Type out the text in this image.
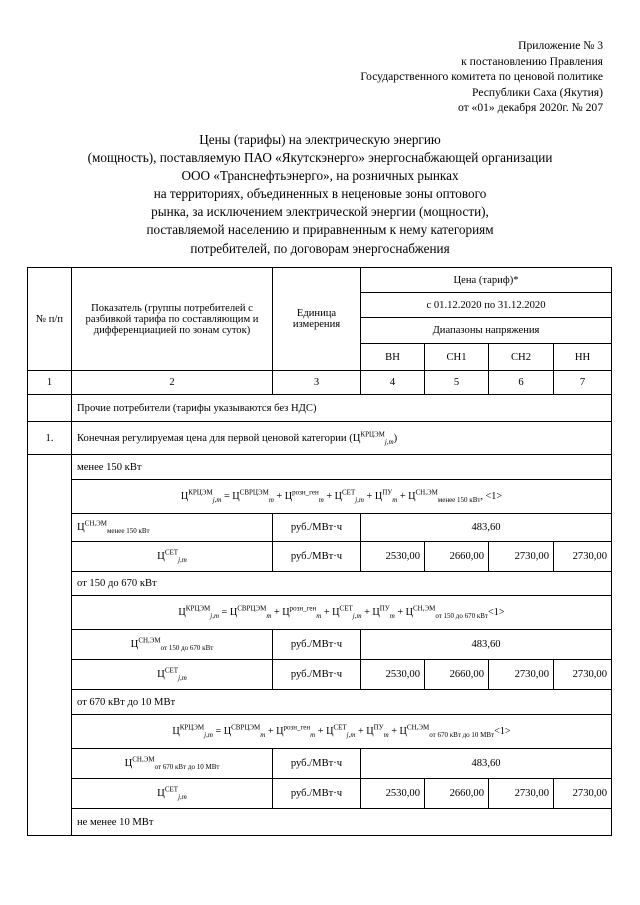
Приложение № 3
к постановлению Правления
Государственного комитета по ценовой политике
Республики Саха (Якутия)
от «01» декабря 2020г. № 207
Цены (тарифы) на электрическую энергию
(мощность), поставляемую ПАО «Якутскэнерго» энергоснабжающей организации
ООО «Транснефтьэнерго», на розничных рынках
на территориях, объединенных в неценовые зоны оптового
рынка, за исключением электрической энергии (мощности),
поставляемой населению и приравненным к нему категориям
потребителей, по договорам энергоснабжения
№ п/п	Показатель (группы потребителей с разбивкой тарифа по составляющим и дифференциацией по зонам суток)	Единица измерения	Цена (тариф)*			
			с 01.12.2020 по 31.12.2020			
			Диапазоны напряжения			
			ВН	СН1	СН2	НН
1	2	3	4	5	6	7
	Прочие потребители (тарифы указываются без НДС)					
1.	Конечная регулируемая цена для первой ценовой категории $(Ц^{КРЦЭМ}_{j,m})$					
	менее 150 кВт					
	$Ц^{КРЦЭМ}_{j,m} = Ц^{СВРЦЭМ}_m + Ц^{розн\_ген}_m + Ц^{СЕТ}_{j,m} + Ц^{ПУ}_m + Ц^{СН,ЭМ}_{менее 150 кВт}$, <1>					
	$Ц^{СН,ЭМ}_{менее 150 кВт}$	руб./МВт·ч	483,60			
	$Ц^{СЕТ}_{j,m}$	руб./МВт·ч	2530,00	2660,00	2730,00	2730,00
	от 150 до 670 кВт					
	$Ц^{КРЦЭМ}_{j,m} = Ц^{СВРЦЭМ}_m + Ц^{розн\_ген}_m + Ц^{СЕТ}_{j,m} + Ц^{ПУ}_m + Ц^{СН,ЭМ}_{от 150 до 670 кВт}<1>$					
	$Ц^{СН,ЭМ}_{от 150 до 670 кВт}$	руб./МВт·ч	483,60			
	$Ц^{СЕТ}_{j,m}$	руб./МВт·ч	2530,00	2660,00	2730,00	2730,00
	от 670 кВт до 10 МВт					
	$Ц^{КРЦЭМ}_{j,m} = Ц^{СВРЦЭМ}_m + Ц^{розн\_ген}_m + Ц^{СЕТ}_{j,m} + Ц^{ПУ}_m + Ц^{СН,ЭМ}_{от 670 кВт до 10 МВт}<1>$					
	$Ц^{СН,ЭМ}_{от 670 кВт до 10 МВт}$	руб./МВт·ч	483,60			
	$Ц^{СЕТ}_{j,m}$	руб./МВт·ч	2530,00	2660,00	2730,00	2730,00
	не менее 10 МВт					
